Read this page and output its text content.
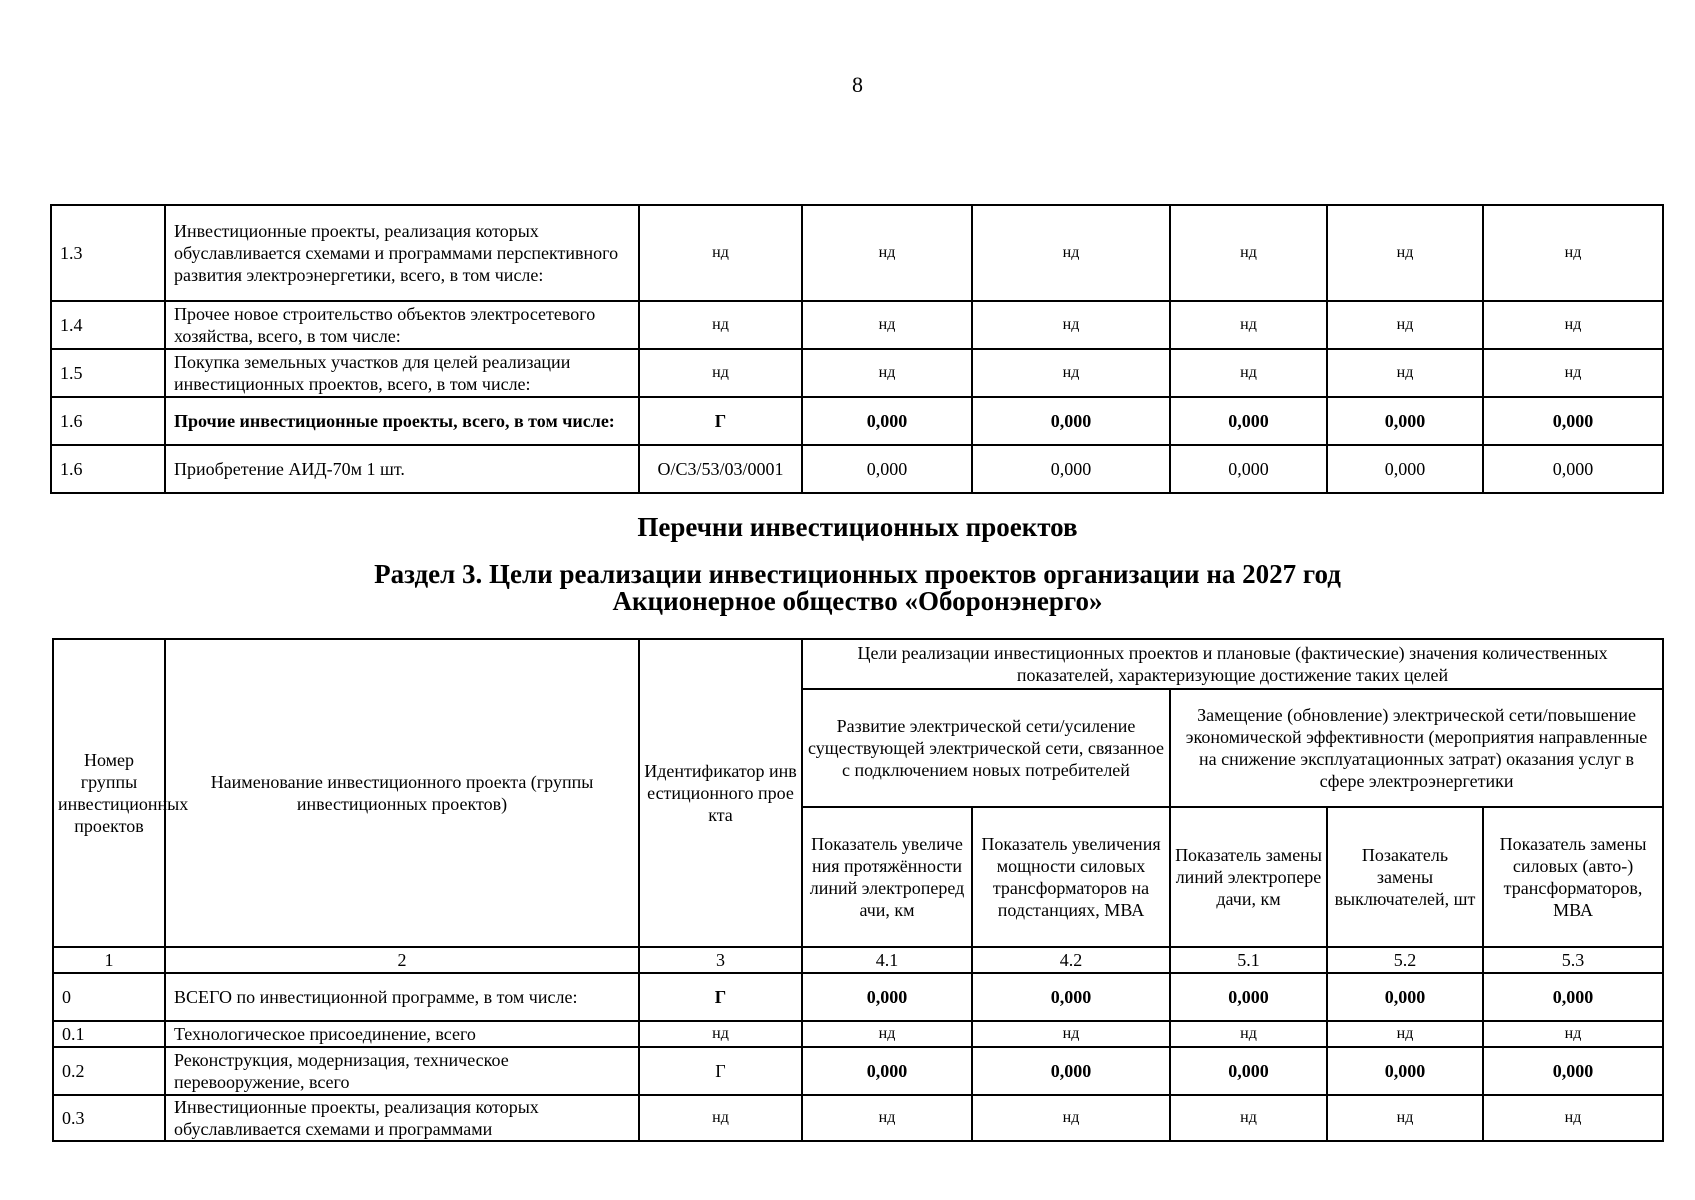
8
1.3	Инвестиционные проекты, реализация которых обуславливается схемами и программами перспективного развития электроэнергетики, всего, в том числе:	нд	нд	нд	нд	нд	нд
1.4	Прочее новое строительство объектов электросетевого хозяйства, всего, в том числе:	нд	нд	нд	нд	нд	нд
1.5	Покупка земельных участков для целей реализации инвестиционных проектов, всего, в том числе:	нд	нд	нд	нд	нд	нд
1.6	Прочие инвестиционные проекты, всего, в том числе:	Г	0,000	0,000	0,000	0,000	0,000
1.6	Приобретение АИД-70м 1 шт.	О/С3/53/03/0001	0,000	0,000	0,000	0,000	0,000
Перечни инвестиционных проектов
Раздел 3. Цели реализации инвестиционных проектов организации на 2027 год
Акционерное общество «Оборонэнерго»
Номер группы инвестиционных проектов	Наименование инвестиционного проекта (группы инвестиционных проектов)	Идентификатор инвестиционного проекта	Цели реализации инвестиционных проектов и плановые (фактические) значения количественных показателей, характеризующие достижение таких целей				
			Развитие электрической сети/усиление существующей электрической сети, связанное с подключением новых потребителей		Замещение (обновление) электрической сети/повышение экономической эффективности (мероприятия направленные на снижение эксплуатационных затрат) оказания услуг в сфере электроэнергетики		
			Показатель увеличения протяжённости линий электропередачи, км	Показатель увеличения мощности силовых трансформаторов на подстанциях, МВА	Показатель замены линий электропередачи, км	Позакатель замены выключателей, шт	Показатель замены силовых (авто-) трансформаторов, МВА
1	2	3	4.1	4.2	5.1	5.2	5.3
0	ВСЕГО по инвестиционной программе, в том числе:	Г	0,000	0,000	0,000	0,000	0,000
0.1	Технологическое присоединение, всего	нд	нд	нд	нд	нд	нд
0.2	Реконструкция, модернизация, техническое перевооружение, всего	Г	0,000	0,000	0,000	0,000	0,000
0.3	Инвестиционные проекты, реализация которых обуславливается схемами и программами	нд	нд	нд	нд	нд	нд
